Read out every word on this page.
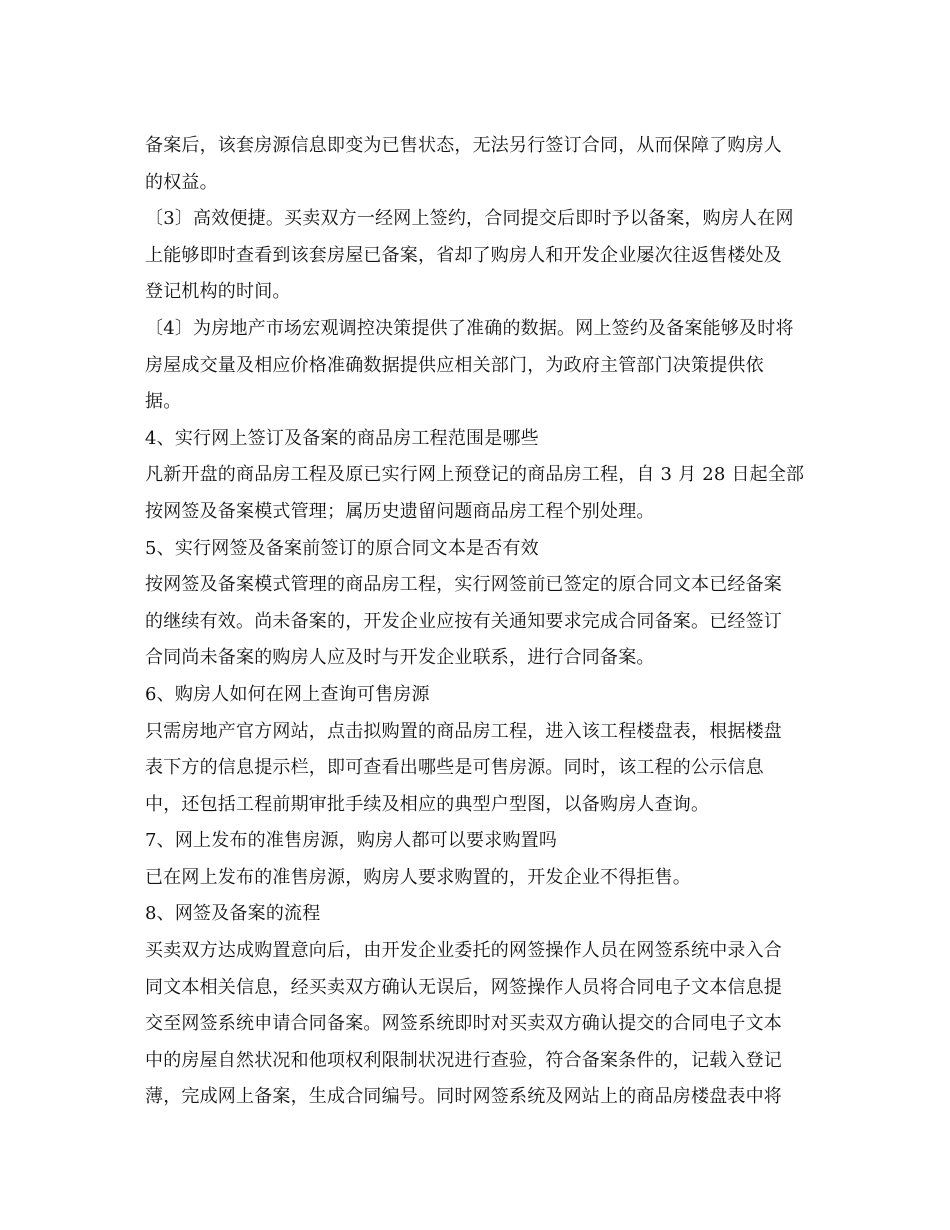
备案后，该套房源信息即变为已售状态，无法另行签订合同，从而保障了购房人
的权益。
〔3〕高效便捷。买卖双方一经网上签约，合同提交后即时予以备案，购房人在网
上能够即时查看到该套房屋已备案，省却了购房人和开发企业屡次往返售楼处及
登记机构的时间。
〔4〕为房地产市场宏观调控决策提供了准确的数据。网上签约及备案能够及时将
房屋成交量及相应价格准确数据提供应相关部门，为政府主管部门决策提供依
据。
4、实行网上签订及备案的商品房工程范围是哪些
凡新开盘的商品房工程及原已实行网上预登记的商品房工程，自 3 月 28 日起全部
按网签及备案模式管理；属历史遗留问题商品房工程个别处理。
5、实行网签及备案前签订的原合同文本是否有效
按网签及备案模式管理的商品房工程，实行网签前已签定的原合同文本已经备案
的继续有效。尚未备案的，开发企业应按有关通知要求完成合同备案。已经签订
合同尚未备案的购房人应及时与开发企业联系，进行合同备案。
6、购房人如何在网上查询可售房源
只需房地产官方网站，点击拟购置的商品房工程，进入该工程楼盘表，根据楼盘
表下方的信息提示栏，即可查看出哪些是可售房源。同时，该工程的公示信息
中，还包括工程前期审批手续及相应的典型户型图，以备购房人查询。
7、网上发布的准售房源，购房人都可以要求购置吗
已在网上发布的准售房源，购房人要求购置的，开发企业不得拒售。
8、网签及备案的流程
买卖双方达成购置意向后，由开发企业委托的网签操作人员在网签系统中录入合
同文本相关信息，经买卖双方确认无误后，网签操作人员将合同电子文本信息提
交至网签系统申请合同备案。网签系统即时对买卖双方确认提交的合同电子文本
中的房屋自然状况和他项权利限制状况进行查验，符合备案条件的，记载入登记
薄，完成网上备案，生成合同编号。同时网签系统及网站上的商品房楼盘表中将
